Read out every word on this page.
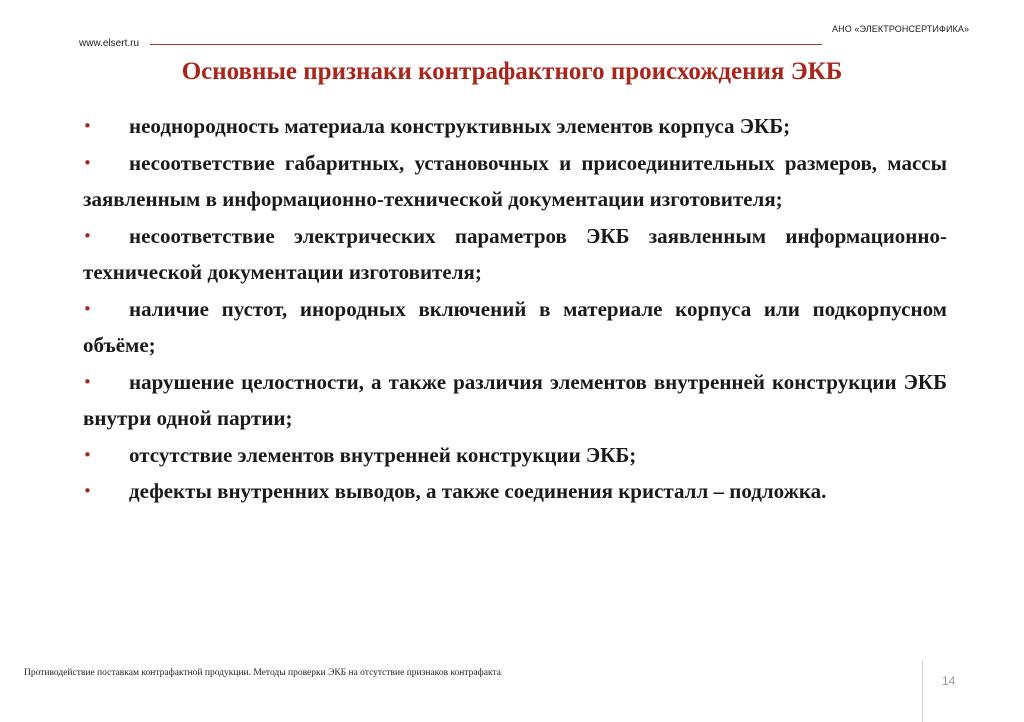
АНО «ЭЛЕКТРОНСЕРТИФИКА»
www.elsert.ru
Основные признаки контрафактного происхождения ЭКБ
• неоднородность материала конструктивных элементов корпуса ЭКБ;
• несоответствие габаритных, установочных и присоединительных размеров, массы заявленным в информационно-технической документации изготовителя;
• несоответствие электрических параметров ЭКБ заявленным информационно-технической документации изготовителя;
• наличие пустот, инородных включений в материале корпуса или подкорпусном объёме;
• нарушение целостности, а также различия элементов внутренней конструкции ЭКБ внутри одной партии;
• отсутствие элементов внутренней конструкции ЭКБ;
• дефекты внутренних выводов, а также соединения кристалл – подложка.
Противодействие поставкам контрафактной продукции. Методы проверки ЭКБ на отсутствие признаков контрафакта
14
